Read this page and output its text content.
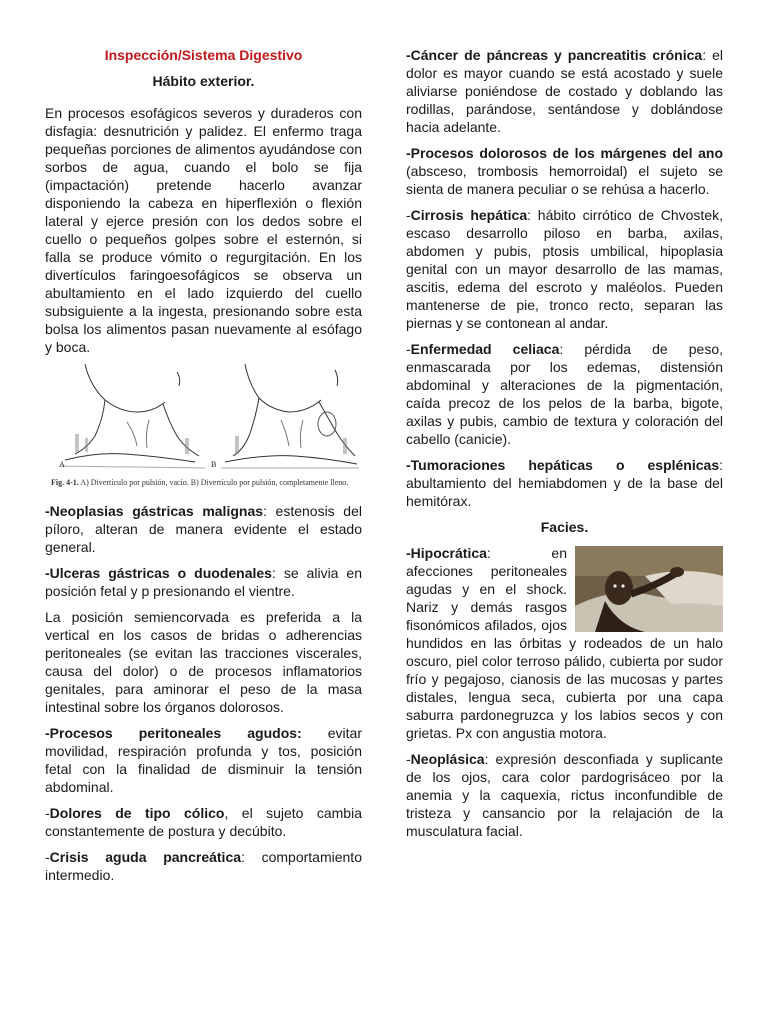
Inspección/Sistema Digestivo
Hábito exterior.

En procesos esofágicos severos y duraderos con disfagia: desnutrición y palidez. El enfermo traga pequeñas porciones de alimentos ayudándose con sorbos de agua, cuando el bolo se fija (impactación) pretende hacerlo avanzar disponiendo la cabeza en hiperflexión o flexión lateral y ejerce presión con los dedos sobre el cuello o pequeños golpes sobre el esternón, si falla se produce vómito o regurgitación. En los divertículos faringoesofágicos se observa un abultamiento en el lado izquierdo del cuello subsiguiente a la ingesta, presionando sobre esta bolsa los alimentos pasan nuevamente al esófago y boca.

A	B
Fig. 4-1. A) Divertículo por pulsión, vacío. B) Divertículo por pulsión, completamente lleno.

-Neoplasias gástricas malignas: estenosis del píloro, alteran de manera evidente el estado general.

-Ulceras gástricas o duodenales: se alivia en posición fetal y p presionando el vientre.

La posición semiencorvada es preferida a la vertical en los casos de bridas o adherencias peritoneales (se evitan las tracciones viscerales, causa del dolor) o de procesos inflamatorios genitales, para aminorar el peso de la masa intestinal sobre los órganos dolorosos.

-Procesos peritoneales agudos: evitar movilidad, respiración profunda y tos, posición fetal con la finalidad de disminuir la tensión abdominal.

-Dolores de tipo cólico, el sujeto cambia constantemente de postura y decúbito.

-Crisis aguda pancreática: comportamiento intermedio.

-Cáncer de páncreas y pancreatitis crónica: el dolor es mayor cuando se está acostado y suele aliviarse poniéndose de costado y doblando las rodillas, parándose, sentándose y doblándose hacia adelante.

-Procesos dolorosos de los márgenes del ano (absceso, trombosis hemorroidal) el sujeto se sienta de manera peculiar o se rehúsa a hacerlo.

-Cirrosis hepática: hábito cirrótico de Chvostek, escaso desarrollo piloso en barba, axilas, abdomen y pubis, ptosis umbilical, hipoplasia genital con un mayor desarrollo de las mamas, ascitis, edema del escroto y maléolos. Pueden mantenerse de pie, tronco recto, separan las piernas y se contonean al andar.

-Enfermedad celiaca: pérdida de peso, enmascarada por los edemas, distensión abdominal y alteraciones de la pigmentación, caída precoz de los pelos de la barba, bigote, axilas y pubis, cambio de textura y coloración del cabello (canicie).

-Tumoraciones hepáticas o esplénicas: abultamiento del hemiabdomen y de la base del hemitórax.

Facies.

-Hipocrática: en afecciones peritoneales agudas y en el shock. Nariz y demás rasgos fisonómicos afilados, ojos hundidos en las órbitas y rodeados de un halo oscuro, piel color terroso pálido, cubierta por sudor frío y pegajoso, cianosis de las mucosas y partes distales, lengua seca, cubierta por una capa saburra pardonegruzca y los labios secos y con grietas. Px con angustia motora.

-Neoplásica: expresión desconfiada y suplicante de los ojos, cara color pardogrisáceo por la anemia y la caquexia, rictus inconfundible de tristeza y cansancio por la relajación de la musculatura facial.
